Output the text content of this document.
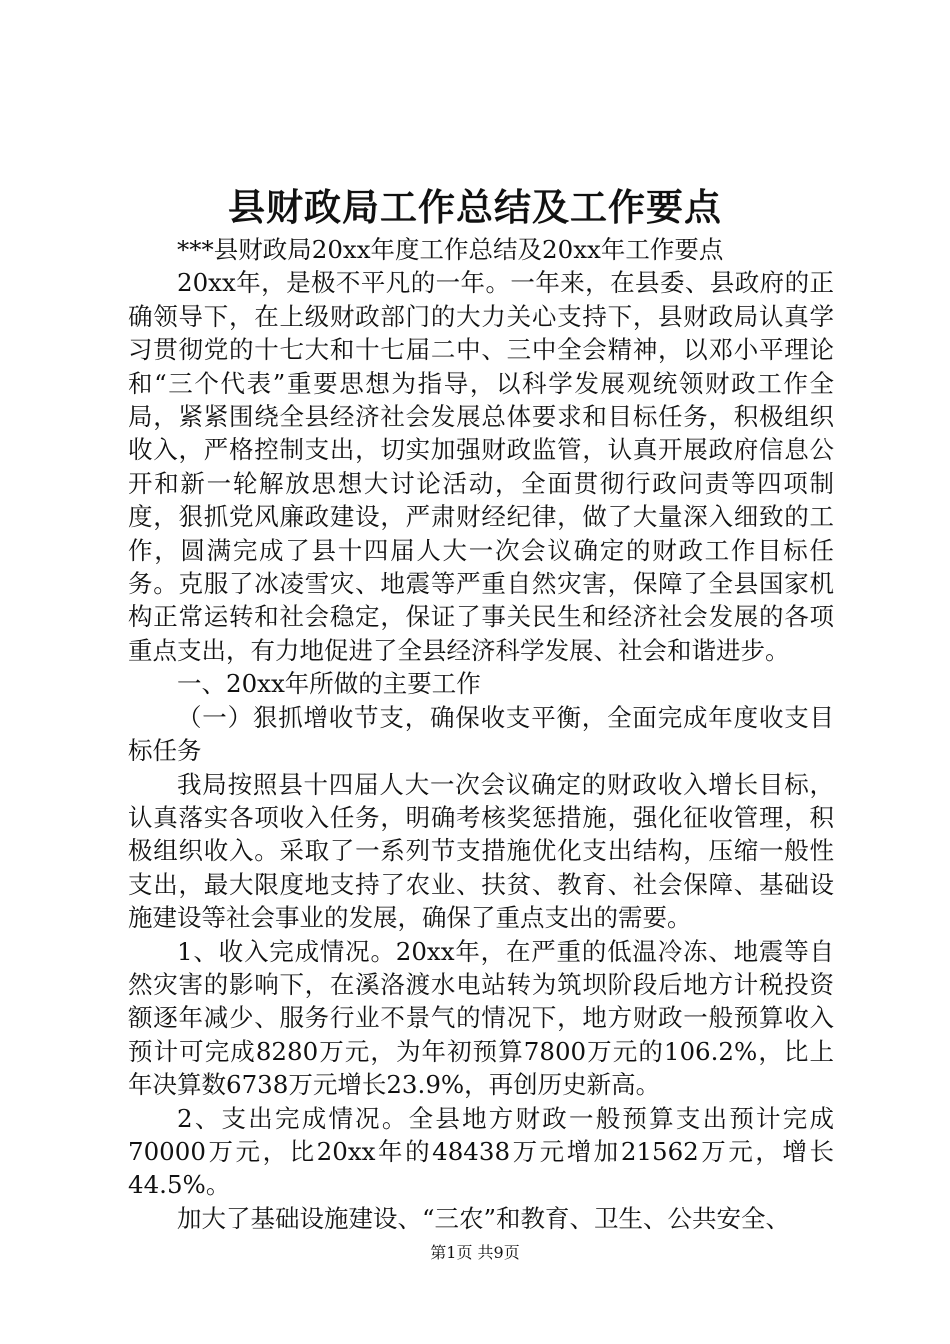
县财政局工作总结及工作要点

***县财政局20xx年度工作总结及20xx年工作要点

20xx年，是极不平凡的一年。一年来，在县委、县政府的正确领导下，在上级财政部门的大力关心支持下，县财政局认真学习贯彻党的十七大和十七届二中、三中全会精神，以邓小平理论和“三个代表”重要思想为指导，以科学发展观统领财政工作全局，紧紧围绕全县经济社会发展总体要求和目标任务，积极组织收入，严格控制支出，切实加强财政监管，认真开展政府信息公开和新一轮解放思想大讨论活动，全面贯彻行政问责等四项制度，狠抓党风廉政建设，严肃财经纪律，做了大量深入细致的工作，圆满完成了县十四届人大一次会议确定的财政工作目标任务。克服了冰凌雪灾、地震等严重自然灾害，保障了全县国家机构正常运转和社会稳定，保证了事关民生和经济社会发展的各项重点支出，有力地促进了全县经济科学发展、社会和谐进步。

一、20xx年所做的主要工作

（一）狠抓增收节支，确保收支平衡，全面完成年度收支目标任务

我局按照县十四届人大一次会议确定的财政收入增长目标，认真落实各项收入任务，明确考核奖惩措施，强化征收管理，积极组织收入。采取了一系列节支措施优化支出结构，压缩一般性支出，最大限度地支持了农业、扶贫、教育、社会保障、基础设施建设等社会事业的发展，确保了重点支出的需要。

1、收入完成情况。20xx年，在严重的低温冷冻、地震等自然灾害的影响下，在溪洛渡水电站转为筑坝阶段后地方计税投资额逐年减少、服务行业不景气的情况下，地方财政一般预算收入预计可完成8280万元，为年初预算7800万元的106.2%，比上年决算数6738万元增长23.9%，再创历史新高。

2、支出完成情况。全县地方财政一般预算支出预计完成70000万元，比20xx年的48438万元增加21562万元，增长44.5%。

加大了基础设施建设、“三农”和教育、卫生、公共安全、

第1页 共9页
